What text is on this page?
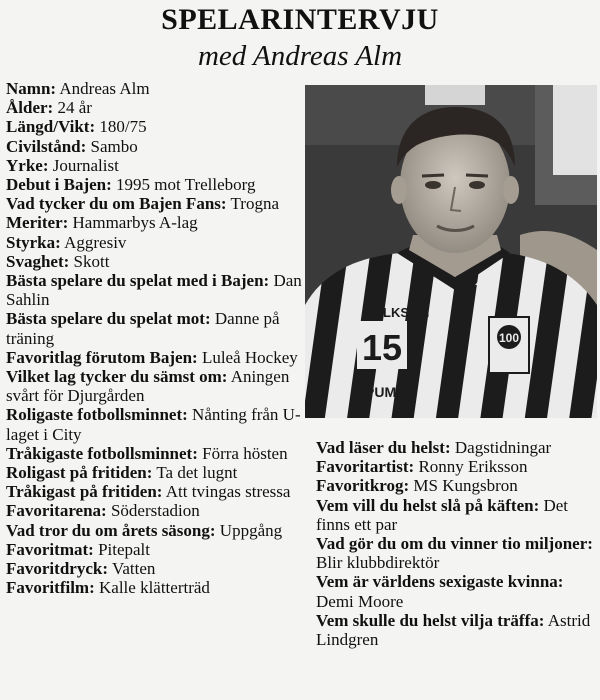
SPELARINTERVJU
med Andreas Alm

Namn: Andreas Alm

Ålder: 24 år

Längd/Vikt: 180/75

Civilstånd: Sambo

Yrke: Journalist

Debut i Bajen: 1995 mot Trelleborg

Vad tycker du om Bajen Fans: Trogna

Meriter: Hammarbys A-lag

Styrka: Aggresiv

Svaghet: Skott

Bästa spelare du spelat med i Bajen: Dan Sahlin

Bästa spelare du spelat mot: Danne på träning

Favoritlag förutom Bajen: Luleå Hockey

Vilket lag tycker du sämst om: Aningen svårt för Djurgården

Roligaste fotbollsminnet: Nånting från U-laget i City

Tråkigaste fotbollsminnet: Förra hösten

Roligast på fritiden: Ta det lugnt

Tråkigast på fritiden: Att tvingas stressa

Favoritarena: Söderstadion

Vad tror du om årets säsong: Uppgång

Favoritmat: Pitepalt

Favoritdryck: Vatten

Favoritfilm: Kalle klätterträd

15
FOLKSAM
100
PUMA

Vad läser du helst: Dagstidningar

Favoritartist: Ronny Eriksson

Favoritkrog: MS Kungsbron

Vem vill du helst slå på käften: Det finns ett par

Vad gör du om du vinner tio miljoner: Blir klubbdirektör

Vem är världens sexigaste kvinna: Demi Moore

Vem skulle du helst vilja träffa: Astrid Lindgren
